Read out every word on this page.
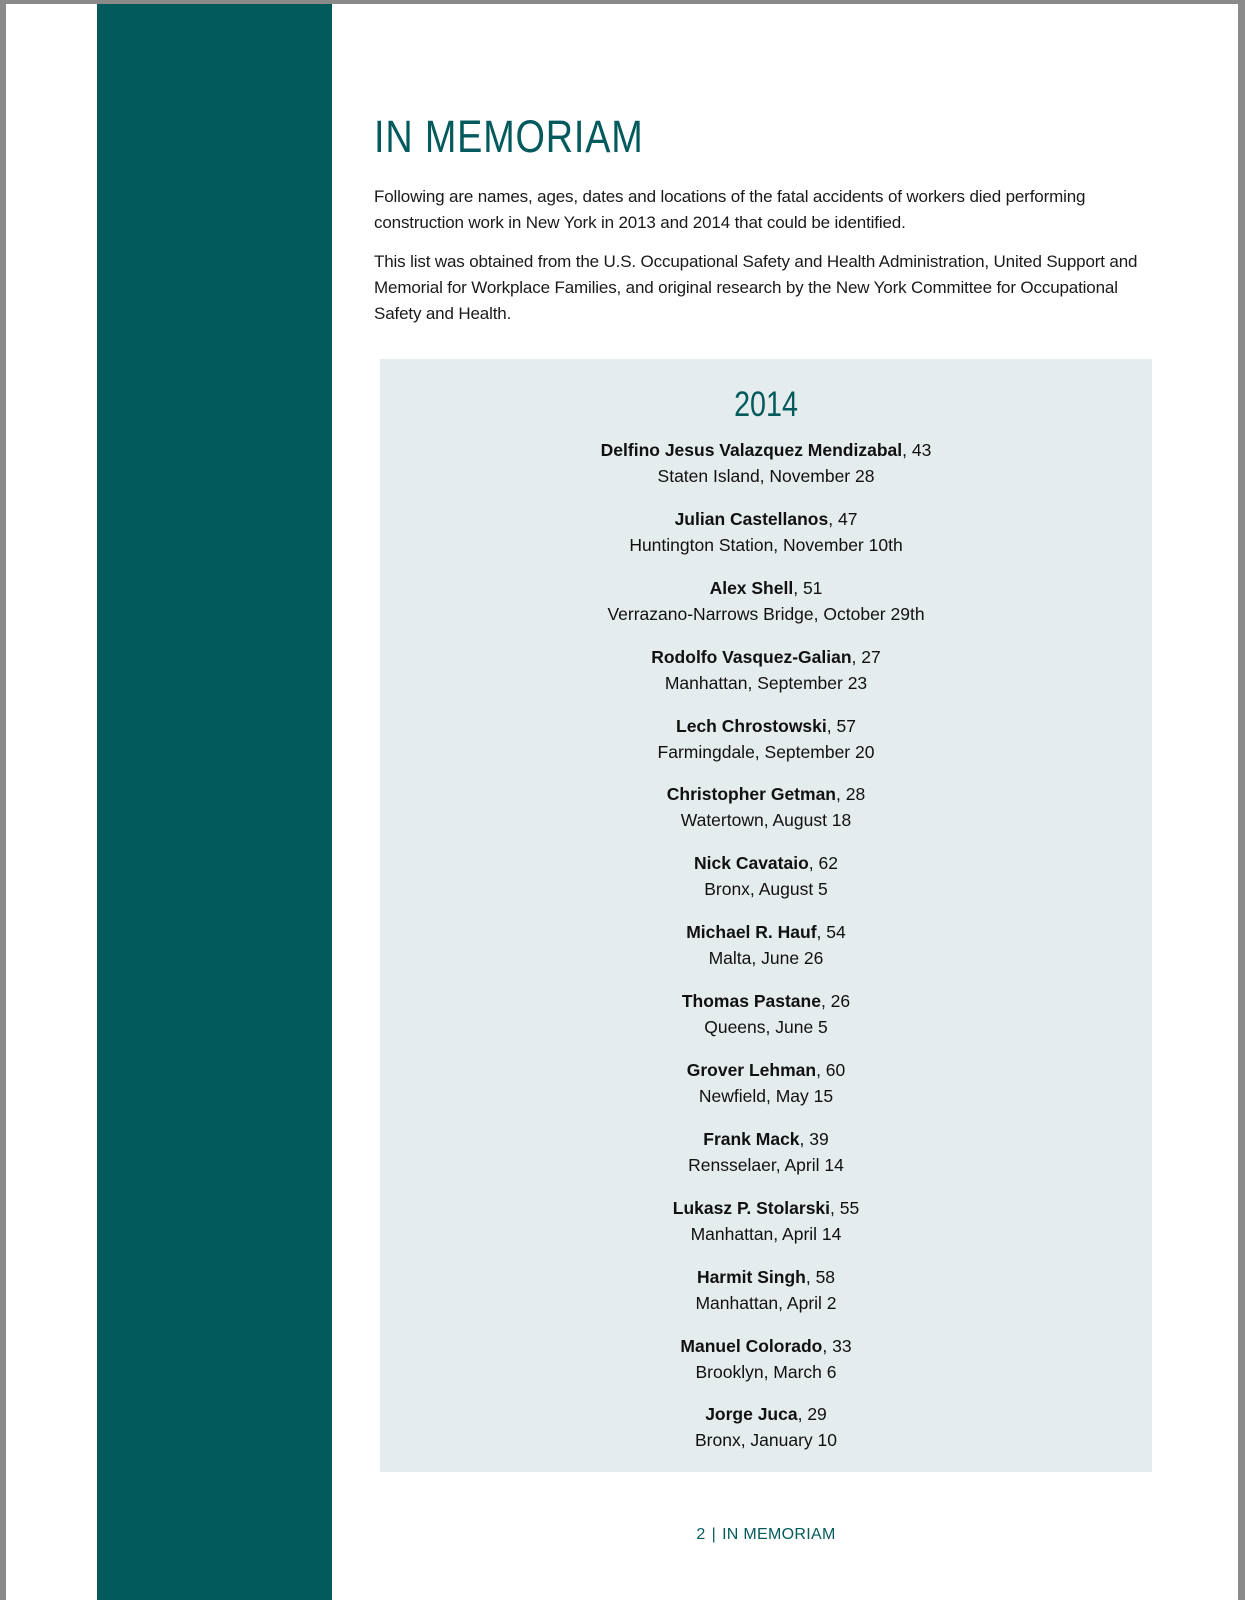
IN MEMORIAM

Following are names, ages, dates and locations of the fatal accidents of workers died performing construction work in New York in 2013 and 2014 that could be identified.

This list was obtained from the U.S. Occupational Safety and Health Administration, United Support and Memorial for Workplace Families, and original research by the New York Committee for Occupational Safety and Health.

2014
Delfino Jesus Valazquez Mendizabal, 43
Staten Island, November 28
Julian Castellanos, 47
Huntington Station, November 10th
Alex Shell, 51
Verrazano-Narrows Bridge, October 29th
Rodolfo Vasquez-Galian, 27
Manhattan, September 23
Lech Chrostowski, 57
Farmingdale, September 20
Christopher Getman, 28
Watertown, August 18
Nick Cavataio, 62
Bronx, August 5
Michael R. Hauf, 54
Malta, June 26
Thomas Pastane, 26
Queens, June 5
Grover Lehman, 60
Newfield, May 15
Frank Mack, 39
Rensselaer, April 14
Lukasz P. Stolarski, 55
Manhattan, April 14
Harmit Singh, 58
Manhattan, April 2
Manuel Colorado, 33
Brooklyn, March 6
Jorge Juca, 29
Bronx, January 10
2 | IN MEMORIAM
